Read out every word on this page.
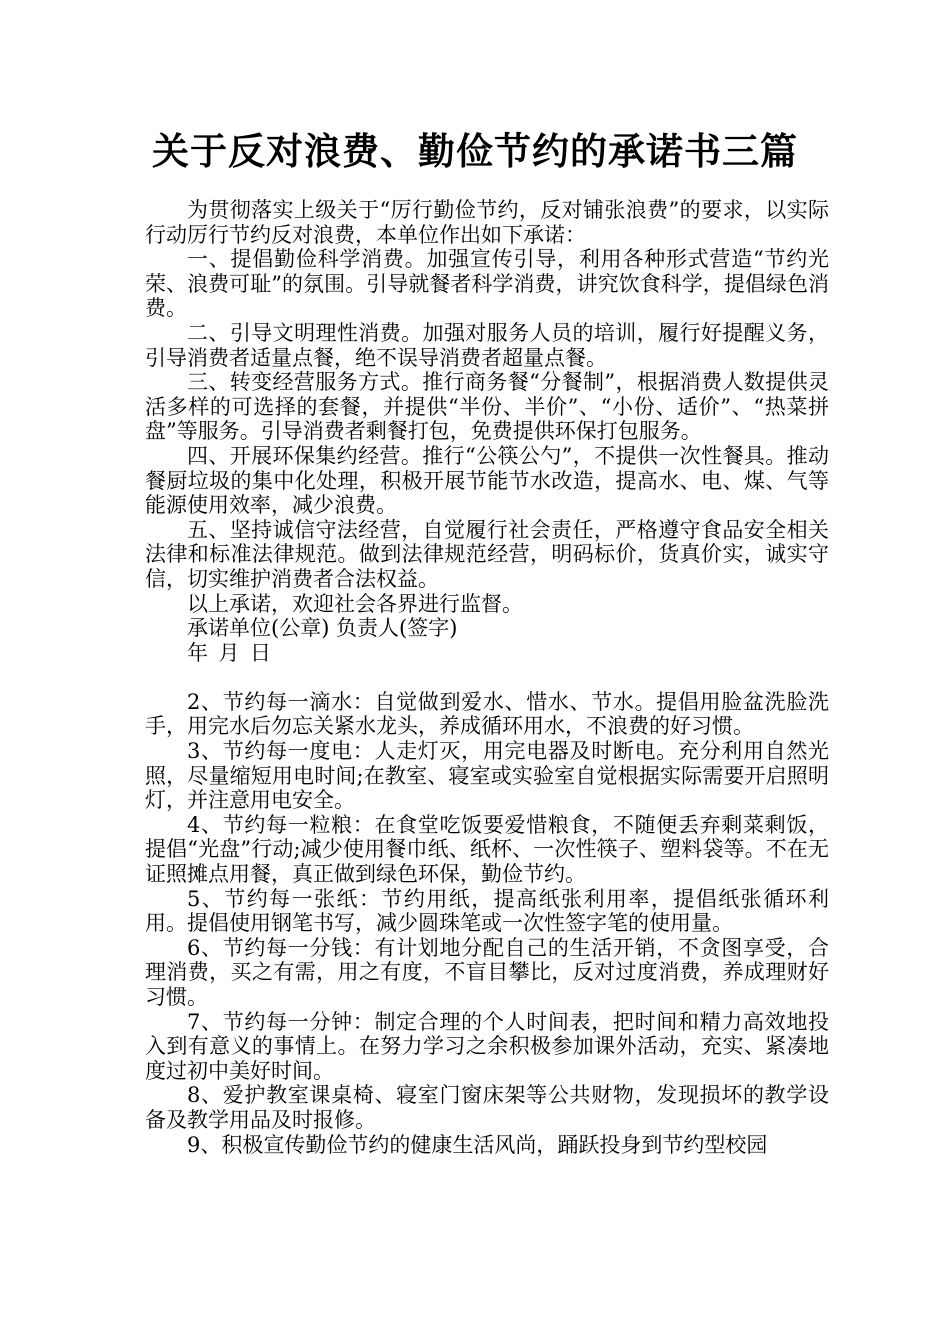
关于反对浪费、勤俭节约的承诺书三篇

为贯彻落实上级关于“厉行勤俭节约，反对铺张浪费”的要求，以实际行动厉行节约反对浪费，本单位作出如下承诺：

一、提倡勤俭科学消费。加强宣传引导，利用各种形式营造“节约光荣、浪费可耻”的氛围。引导就餐者科学消费，讲究饮食科学，提倡绿色消费。

二、引导文明理性消费。加强对服务人员的培训，履行好提醒义务，引导消费者适量点餐，绝不误导消费者超量点餐。

三、转变经营服务方式。推行商务餐“分餐制”，根据消费人数提供灵活多样的可选择的套餐，并提供“半份、半价”、“小份、适价”、“热菜拼盘”等服务。引导消费者剩餐打包，免费提供环保打包服务。

四、开展环保集约经营。推行“公筷公勺”，不提供一次性餐具。推动餐厨垃圾的集中化处理，积极开展节能节水改造，提高水、电、煤、气等能源使用效率，减少浪费。

五、坚持诚信守法经营，自觉履行社会责任，严格遵守食品安全相关法律和标准法律规范。做到法律规范经营，明码标价，货真价实，诚实守信，切实维护消费者合法权益。

以上承诺，欢迎社会各界进行监督。

承诺单位(公章) 负责人(签字)

年 月 日

2、节约每一滴水：自觉做到爱水、惜水、节水。提倡用脸盆洗脸洗手，用完水后勿忘关紧水龙头，养成循环用水，不浪费的好习惯。

3、节约每一度电：人走灯灭，用完电器及时断电。充分利用自然光照，尽量缩短用电时间;在教室、寝室或实验室自觉根据实际需要开启照明灯，并注意用电安全。

4、节约每一粒粮：在食堂吃饭要爱惜粮食，不随便丢弃剩菜剩饭，提倡“光盘”行动;减少使用餐巾纸、纸杯、一次性筷子、塑料袋等。不在无证照摊点用餐，真正做到绿色环保，勤俭节约。

5、节约每一张纸：节约用纸，提高纸张利用率，提倡纸张循环利用。提倡使用钢笔书写，减少圆珠笔或一次性签字笔的使用量。

6、节约每一分钱：有计划地分配自己的生活开销，不贪图享受，合理消费，买之有需，用之有度，不盲目攀比，反对过度消费，养成理财好习惯。

7、节约每一分钟：制定合理的个人时间表，把时间和精力高效地投入到有意义的事情上。在努力学习之余积极参加课外活动，充实、紧凑地度过初中美好时间。

8、爱护教室课桌椅、寝室门窗床架等公共财物，发现损坏的教学设备及教学用品及时报修。

9、积极宣传勤俭节约的健康生活风尚，踊跃投身到节约型校园
